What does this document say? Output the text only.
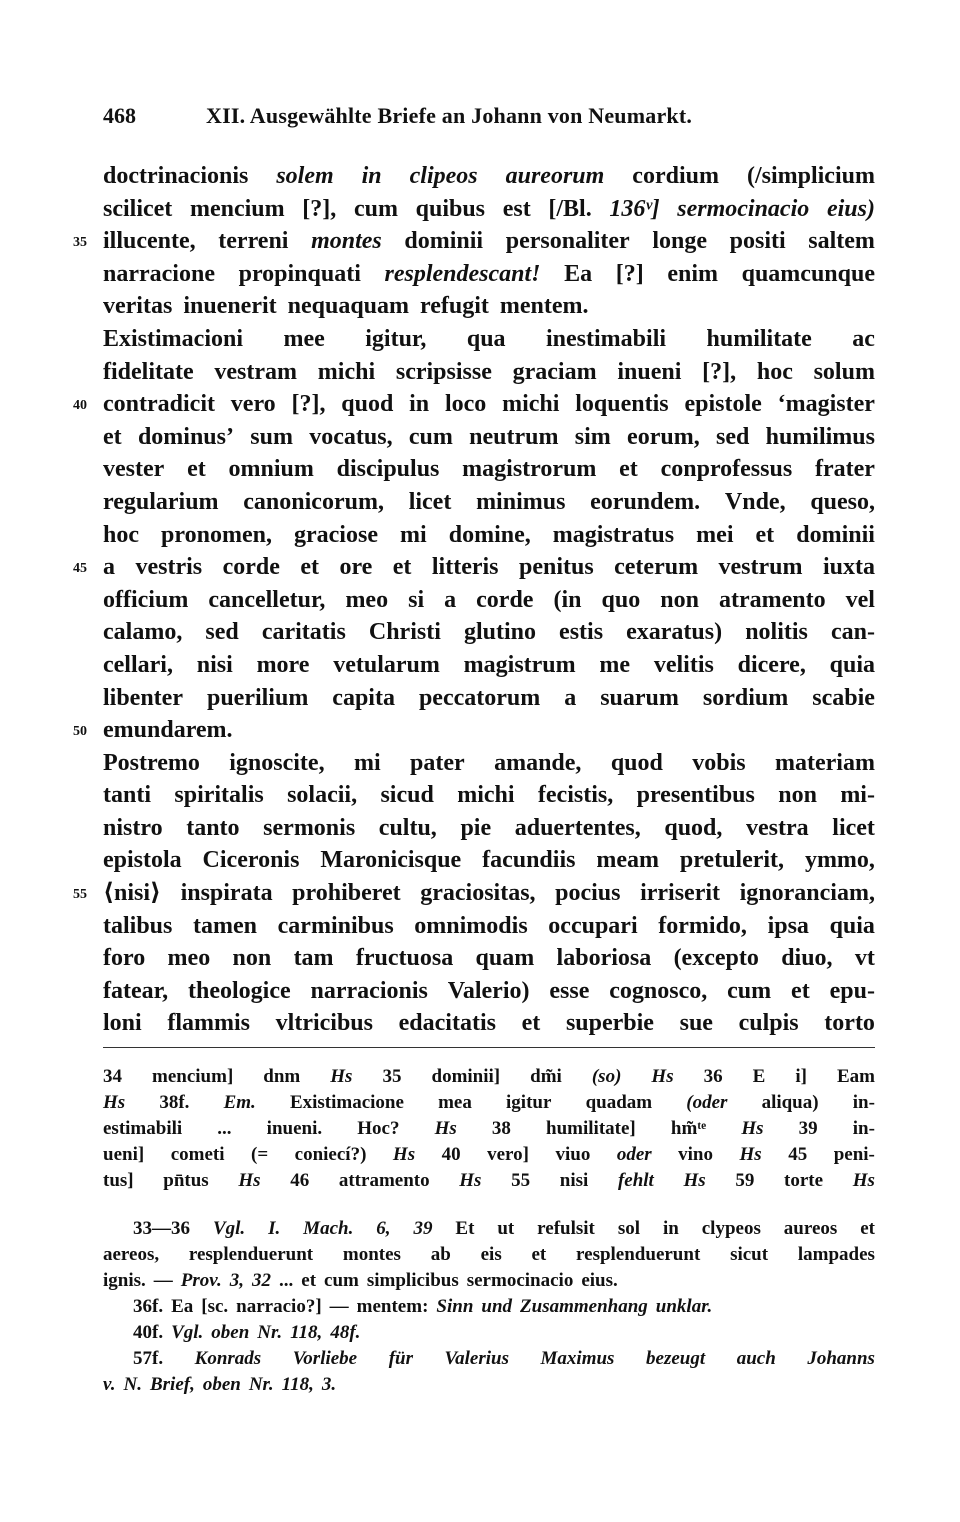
468	XII. Ausgewählte Briefe an Johann von Neumarkt.
doctrinacionis solem in clipeos aureorum cordium (/simplicium
scilicet mencium [?], cum quibus est [/Bl. 136ᵛ] sermocinacio eius)
35 illucente, terreni montes dominii personaliter longe positi saltem
narracione propinquati resplendescant! Ea [?] enim quamcunque
veritas inuenerit nequaquam refugit mentem.
Existimacioni mee igitur, qua inestimabili humilitate ac
fidelitate vestram michi scripsisse graciam inueni [?], hoc solum
40 contradicit vero [?], quod in loco michi loquentis epistole ‘magister
et dominus’ sum vocatus, cum neutrum sim eorum, sed humilimus
vester et omnium discipulus magistrorum et conprofessus frater
regularium canonicorum, licet minimus eorundem. Vnde, queso,
hoc pronomen, graciose mi domine, magistratus mei et dominii
45 a vestris corde et ore et litteris penitus ceterum vestrum iuxta
officium cancelletur, meo si a corde (in quo non atramento vel
calamo, sed caritatis Christi glutino estis exaratus) nolitis can-
cellari, nisi more vetularum magistrum me velitis dicere, quia
libenter puerilium capita peccatorum a suarum sordium scabie
50 emundarem.
Postremo ignoscite, mi pater amande, quod vobis materiam
tanti spiritalis solacii, sicud michi fecistis, presentibus non mi-
nistro tanto sermonis cultu, pie aduertentes, quod, vestra licet
epistola Ciceronis Maronicisque facundiis meam pretulerit, ymmo,
55 ⟨nisi⟩ inspirata prohiberet graciositas, pocius irriserit ignoranciam,
talibus tamen carminibus omnimodis occupari formido, ipsa quia
foro meo non tam fructuosa quam laboriosa (excepto diuo, vt
fatear, theologice narracionis Valerio) esse cognosco, cum et epu-
loni flammis vltricibus edacitatis et superbie sue culpis torto
34 mencium] dnm Hs 35 dominii] dm̃i (so) Hs 36 E i] Eam
Hs 38f. Em. Existimacione mea igitur quadam (oder aliqua) in-
estimabili ... inueni. Hoc? Hs 38 humilitate] hm̃ᵗᵉ Hs 39 in-
ueni] cometi (= coniecí?) Hs 40 vero] viuo oder vino Hs 45 peni-
tus] pn̄tus Hs 46 attramento Hs 55 nisi fehlt Hs 59 torte Hs
33—36 Vgl. I. Mach. 6, 39 Et ut refulsit sol in clypeos aureos et
aereos, resplenduerunt montes ab eis et resplenduerunt sicut lampades
ignis. — Prov. 3, 32 ... et cum simplicibus sermocinacio eius.
36f. Ea [sc. narracio?] — mentem: Sinn und Zusammenhang unklar.
40f. Vgl. oben Nr. 118, 48f.
57f. Konrads Vorliebe für Valerius Maximus bezeugt auch Johanns
v. N. Brief, oben Nr. 118, 3.
